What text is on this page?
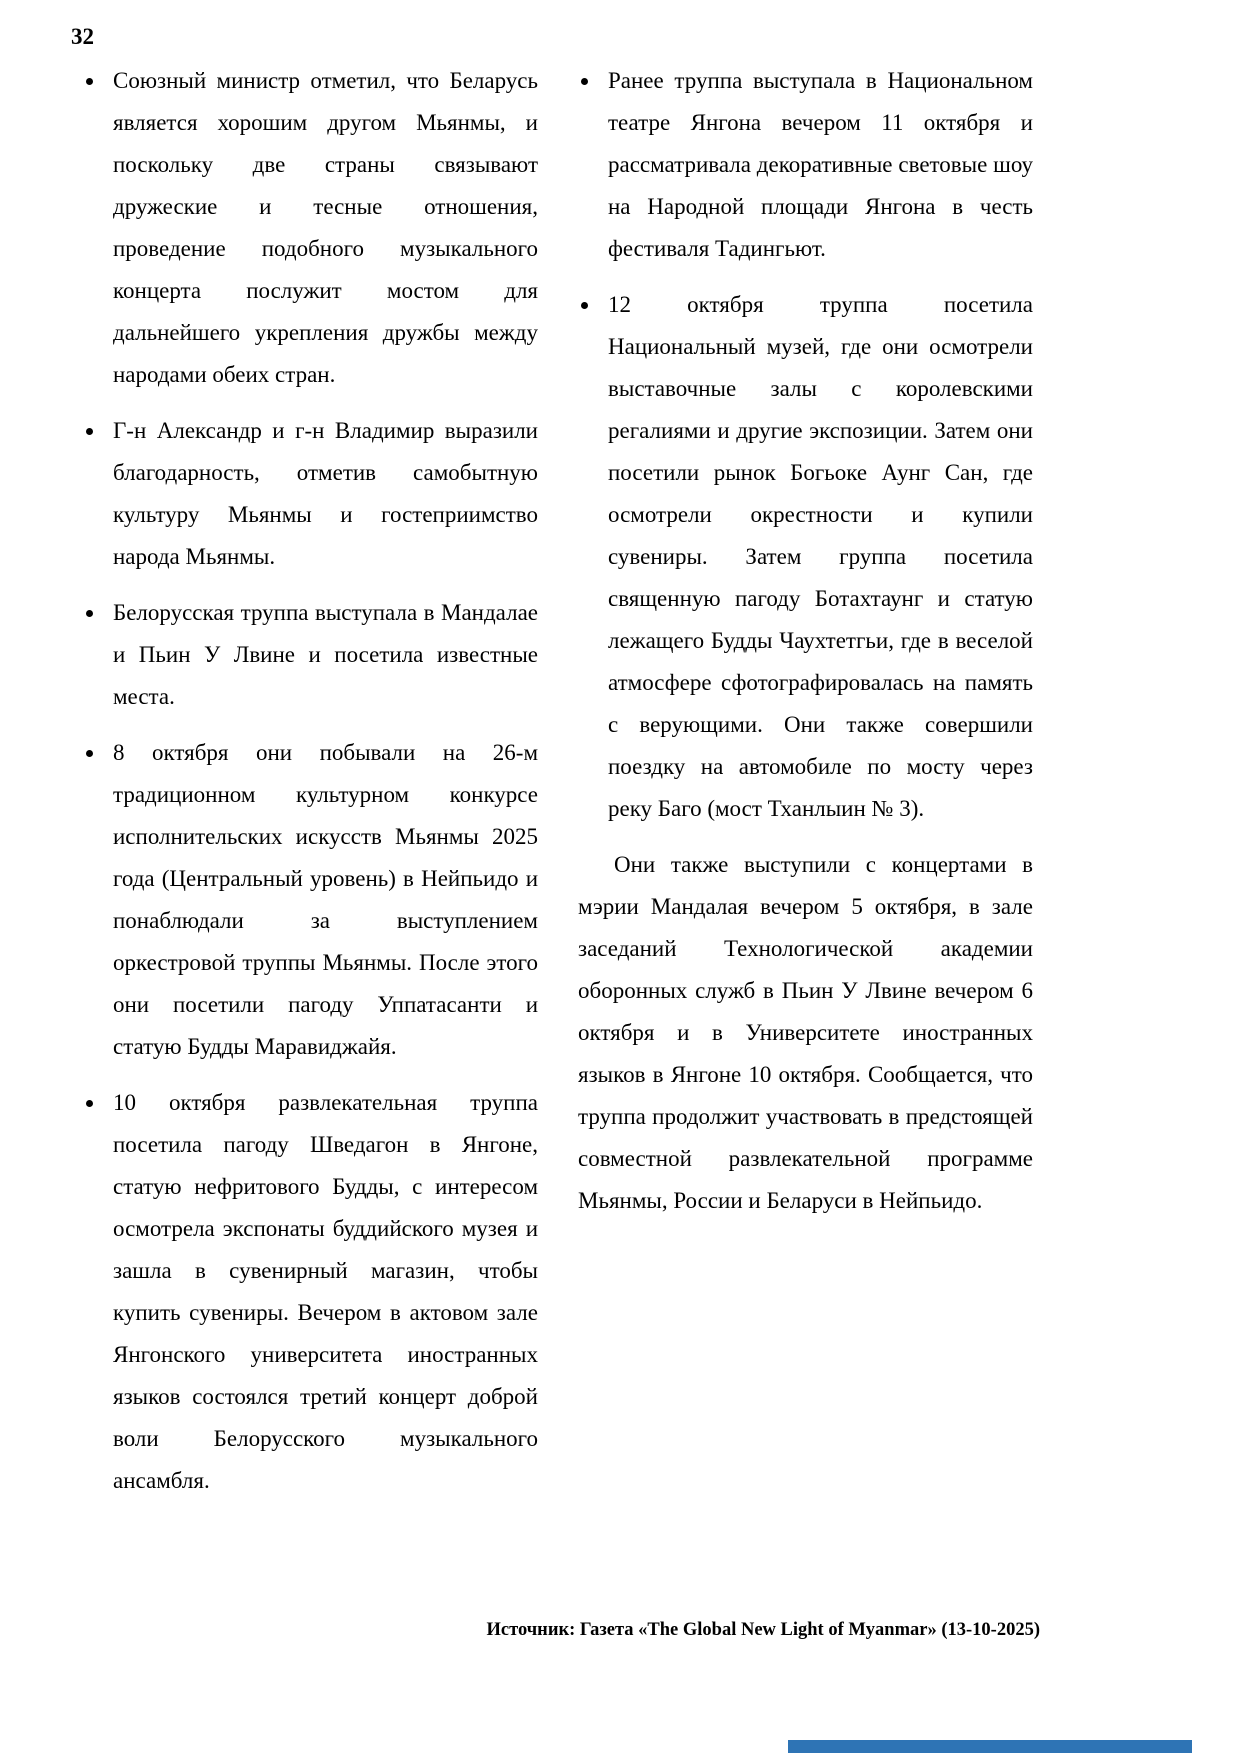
32
Союзный министр отметил, что Беларусь является хорошим другом Мьянмы, и поскольку две страны связывают дружеские и тесные отношения, проведение подобного музыкального концерта послужит мостом для дальнейшего укрепления дружбы между народами обеих стран.
Г-н Александр и г-н Владимир выразили благодарность, отметив самобытную культуру Мьянмы и гостеприимство народа Мьянмы.
Белорусская труппа выступала в Мандалае и Пьин У Лвине и посетила известные места.
8 октября они побывали на 26-м традиционном культурном конкурсе исполнительских искусств Мьянмы 2025 года (Центральный уровень) в Нейпьидо и понаблюдали за выступлением оркестровой труппы Мьянмы. После этого они посетили пагоду Уппатасанти и статую Будды Маравиджайя.
10 октября развлекательная труппа посетила пагоду Шведагон в Янгоне, статую нефритового Будды, с интересом осмотрела экспонаты буддийского музея и зашла в сувенирный магазин, чтобы купить сувениры. Вечером в актовом зале Янгонского университета иностранных языков состоялся третий концерт доброй воли Белорусского музыкального ансамбля.
Ранее труппа выступала в Национальном театре Янгона вечером 11 октября и рассматривала декоративные световые шоу на Народной площади Янгона в честь фестиваля Тадингьют.
12 октября труппа посетила Национальный музей, где они осмотрели выставочные залы с королевскими регалиями и другие экспозиции. Затем они посетили рынок Богьоке Аунг Сан, где осмотрели окрестности и купили сувениры. Затем группа посетила священную пагоду Ботахтаунг и статую лежащего Будды Чаухтетгьи, где в веселой атмосфере сфотографировалась на память с верующими. Они также совершили поездку на автомобиле по мосту через реку Баго (мост Тханлыин № 3).

Они также выступили с концертами в мэрии Мандалая вечером 5 октября, в зале заседаний Технологической академии оборонных служб в Пьин У Лвине вечером 6 октября и в Университете иностранных языков в Янгоне 10 октября. Сообщается, что труппа продолжит участвовать в предстоящей совместной развлекательной программе Мьянмы, России и Беларуси в Нейпьидо.

Источник: Газета «The Global New Light of Myanmar» (13-10-2025)
